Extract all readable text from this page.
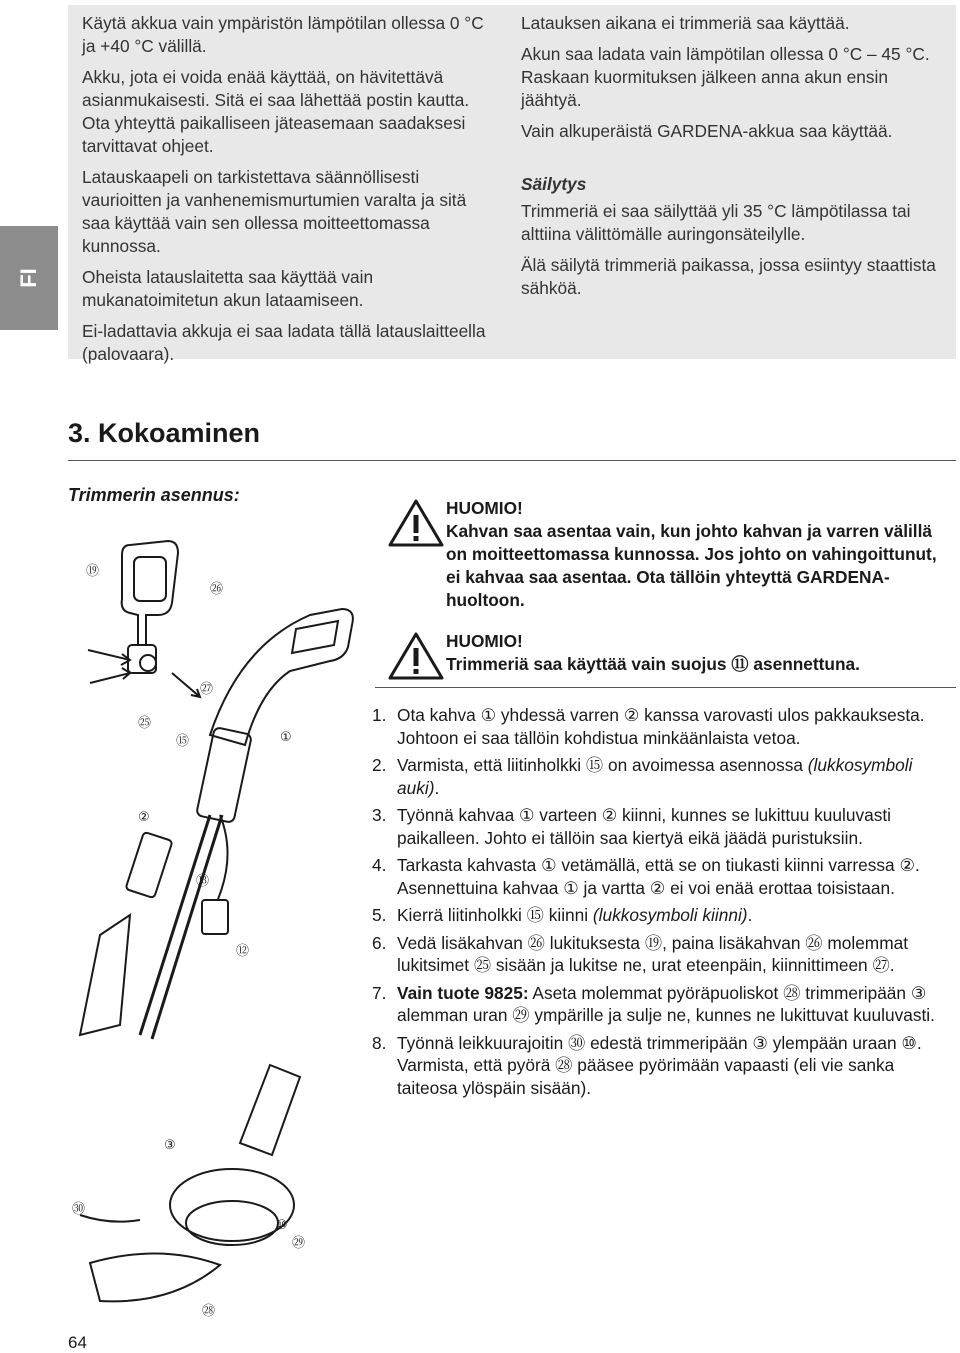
FI

Käytä akkua vain ympäristön lämpötilan ollessa 0 °C ja +40 °C välillä.

Akku, jota ei voida enää käyttää, on hävitettävä asianmukaisesti. Sitä ei saa lähettää postin kautta. Ota yhteyttä paikalliseen jäteasemaan saadaksesi tarvittavat ohjeet.

Latauskaapeli on tarkistettava säännöllisesti vaurioitten ja vanhenemismurtumien varalta ja sitä saa käyttää vain sen ollessa moitteettomassa kunnossa.

Oheista latauslaitetta saa käyttää vain mukanatoimitetun akun lataamiseen.

Ei-ladattavia akkuja ei saa ladata tällä latauslaitteella (palovaara).

Latauksen aikana ei trimmeriä saa käyttää.

Akun saa ladata vain lämpötilan ollessa 0 °C – 45 °C. Raskaan kuormituksen jälkeen anna akun ensin jäähtyä.

Vain alkuperäistä GARDENA-akkua saa käyttää.

Säilytys

Trimmeriä ei saa säilyttää yli 35 °C lämpötilassa tai alttiina välittömälle auringonsäteilylle.

Älä säilytä trimmeriä paikassa, jossa esiintyy staattista sähköä.

3. Kokoaminen
Trimmerin asennus:
⑲
㉖
㉗
㉕
⑮	①
②
⑬
⑫
③
㉚
⑩
㉙
㉘

HUOMIO!

Kahvan saa asentaa vain, kun johto kahvan ja varren välillä on moitteettomassa kunnossa. Jos johto on vahingoittunut, ei kahvaa saa asentaa. Ota tällöin yhteyttä GARDENA-huoltoon.

HUOMIO!

Trimmeriä saa käyttää vain suojus ⑪ asennettuna.

1. Ota kahva ① yhdessä varren ② kanssa varovasti ulos pakkauksesta. Johtoon ei saa tällöin kohdistua minkäänlaista vetoa.
2. Varmista, että liitinholkki ⑮ on avoimessa asennossa (lukkosymboli auki).
3. Työnnä kahvaa ① varteen ② kiinni, kunnes se lukittuu kuuluvasti paikalleen. Johto ei tällöin saa kiertyä eikä jäädä puristuksiin.
4. Tarkasta kahvasta ① vetämällä, että se on tiukasti kiinni varressa ②. Asennettuina kahvaa ① ja vartta ② ei voi enää erottaa toisistaan.
5. Kierrä liitinholkki ⑮ kiinni (lukkosymboli kiinni).
6. Vedä lisäkahvan ㉖ lukituksesta ⑲, paina lisäkahvan ㉖ molemmat lukitsimet ㉕ sisään ja lukitse ne, urat eteenpäin, kiinnittimeen ㉗.
7. Vain tuote 9825: Aseta molemmat pyöräpuoliskot ㉘ trimmeripään ③ alemman uran ㉙ ympärille ja sulje ne, kunnes ne lukittuvat kuuluvasti.
8. Työnnä leikkuurajoitin ㉚ edestä trimmeripään ③ ylempään uraan ⑩. Varmista, että pyörä ㉘ pääsee pyörimään vapaasti (eli vie sanka taiteosa ylöspäin sisään).
64
